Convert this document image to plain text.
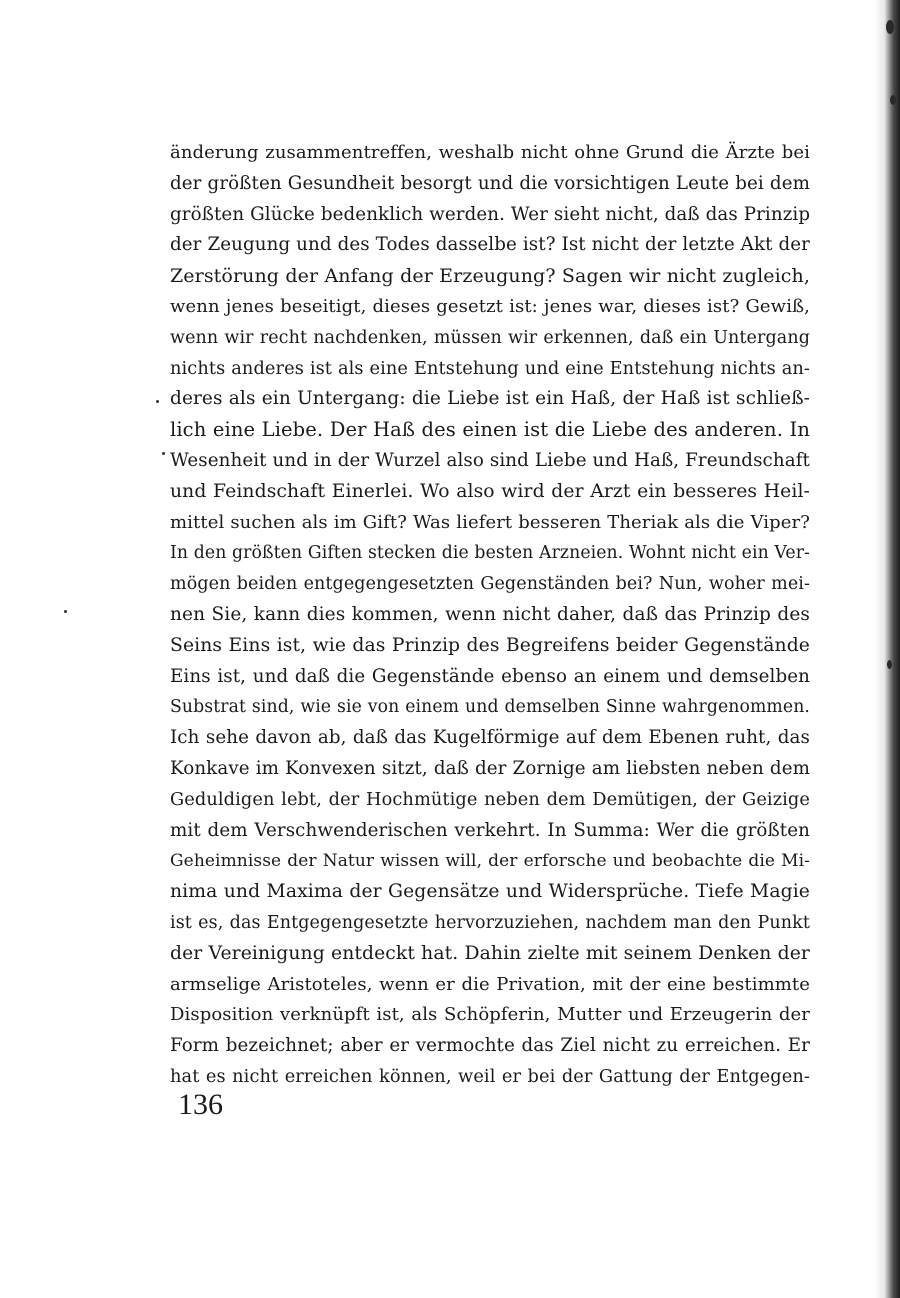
änderung zusammentreffen, weshalb nicht ohne Grund die Ärzte bei
der größten Gesundheit besorgt und die vorsichtigen Leute bei dem
größten Glücke bedenklich werden. Wer sieht nicht, daß das Prinzip
der Zeugung und des Todes dasselbe ist? Ist nicht der letzte Akt der
Zerstörung der Anfang der Erzeugung? Sagen wir nicht zugleich,
wenn jenes beseitigt, dieses gesetzt ist: jenes war, dieses ist? Gewiß,
wenn wir recht nachdenken, müssen wir erkennen, daß ein Untergang
nichts anderes ist als eine Entstehung und eine Entstehung nichts an-
deres als ein Untergang: die Liebe ist ein Haß, der Haß ist schließ-
lich eine Liebe. Der Haß des einen ist die Liebe des anderen. In
Wesenheit und in der Wurzel also sind Liebe und Haß, Freundschaft
und Feindschaft Einerlei. Wo also wird der Arzt ein besseres Heil-
mittel suchen als im Gift? Was liefert besseren Theriak als die Viper?
In den größten Giften stecken die besten Arzneien. Wohnt nicht ein Ver-
mögen beiden entgegengesetzten Gegenständen bei? Nun, woher mei-
nen Sie, kann dies kommen, wenn nicht daher, daß das Prinzip des
Seins Eins ist, wie das Prinzip des Begreifens beider Gegenstände
Eins ist, und daß die Gegenstände ebenso an einem und demselben
Substrat sind, wie sie von einem und demselben Sinne wahrgenommen.
Ich sehe davon ab, daß das Kugelförmige auf dem Ebenen ruht, das
Konkave im Konvexen sitzt, daß der Zornige am liebsten neben dem
Geduldigen lebt, der Hochmütige neben dem Demütigen, der Geizige
mit dem Verschwenderischen verkehrt. In Summa: Wer die größten
Geheimnisse der Natur wissen will, der erforsche und beobachte die Mi-
nima und Maxima der Gegensätze und Widersprüche. Tiefe Magie
ist es, das Entgegengesetzte hervorzuziehen, nachdem man den Punkt
der Vereinigung entdeckt hat. Dahin zielte mit seinem Denken der
armselige Aristoteles, wenn er die Privation, mit der eine bestimmte
Disposition verknüpft ist, als Schöpferin, Mutter und Erzeugerin der
Form bezeichnet; aber er vermochte das Ziel nicht zu erreichen. Er
hat es nicht erreichen können, weil er bei der Gattung der Entgegen-
136
